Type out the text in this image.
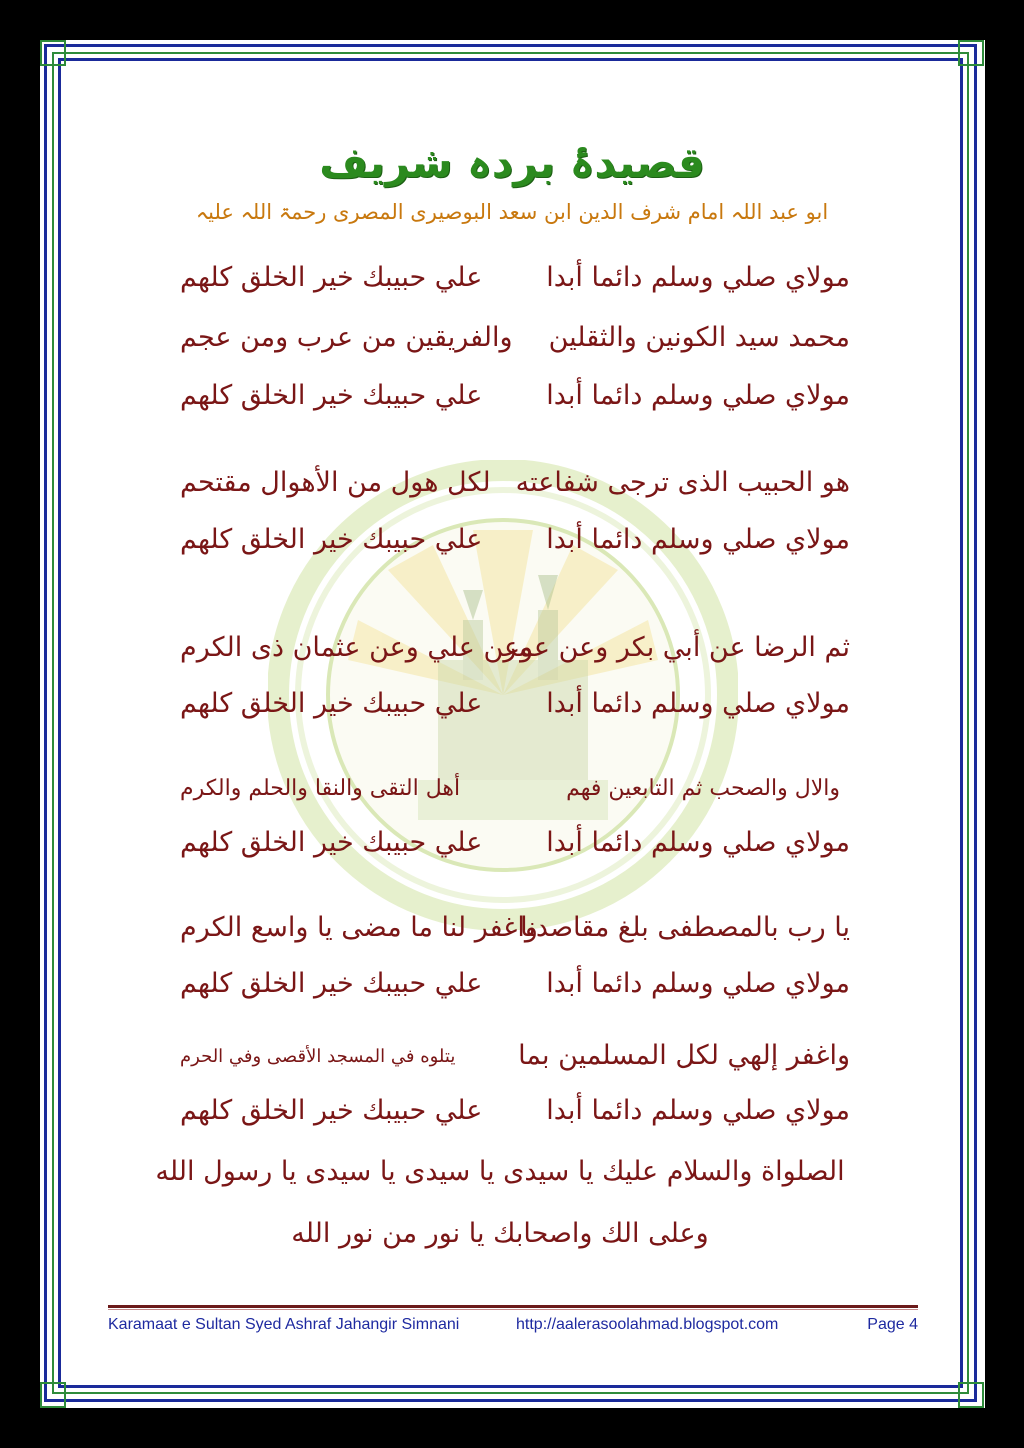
قصیدۂ بردہ شریف
ابو عبد اللہ امام شرف الدین ابن سعد البوصیری المصری رحمۃ اللہ علیہ
مولاي صلي وسلم دائما أبدا
علي حبيبك خير الخلق كلهم
محمد سيد الكونين والثقلين
والفريقين من عرب ومن عجم
مولاي صلي وسلم دائما أبدا
علي حبيبك خير الخلق كلهم
هو الحبيب الذى ترجى شفاعته
لكل هول من الأهوال مقتحم
مولاي صلي وسلم دائما أبدا
علي حبيبك خير الخلق كلهم
ثم الرضا عن أبي بكر وعن عمر
وعن علي وعن عثمان ذى الكرم
مولاي صلي وسلم دائما أبدا
علي حبيبك خير الخلق كلهم
والال والصحب ثم التابعين فهم
أهل التقى والنقا والحلم والكرم
مولاي صلي وسلم دائما أبدا
علي حبيبك خير الخلق كلهم
يا رب بالمصطفى بلغ مقاصدنا
واغفر لنا ما مضى يا واسع الكرم
مولاي صلي وسلم دائما أبدا
علي حبيبك خير الخلق كلهم
واغفر إلهي لكل المسلمين بما
يتلوه في المسجد الأقصى وفي الحرم
مولاي صلي وسلم دائما أبدا
علي حبيبك خير الخلق كلهم
الصلواة والسلام عليك يا سيدى يا سيدى يا سيدى يا رسول الله
وعلى الك واصحابك يا نور من نور الله
Karamaat e Sultan Syed Ashraf Jahangir Simnani	http://aalerasoolahmad.blogspot.com	Page 4
